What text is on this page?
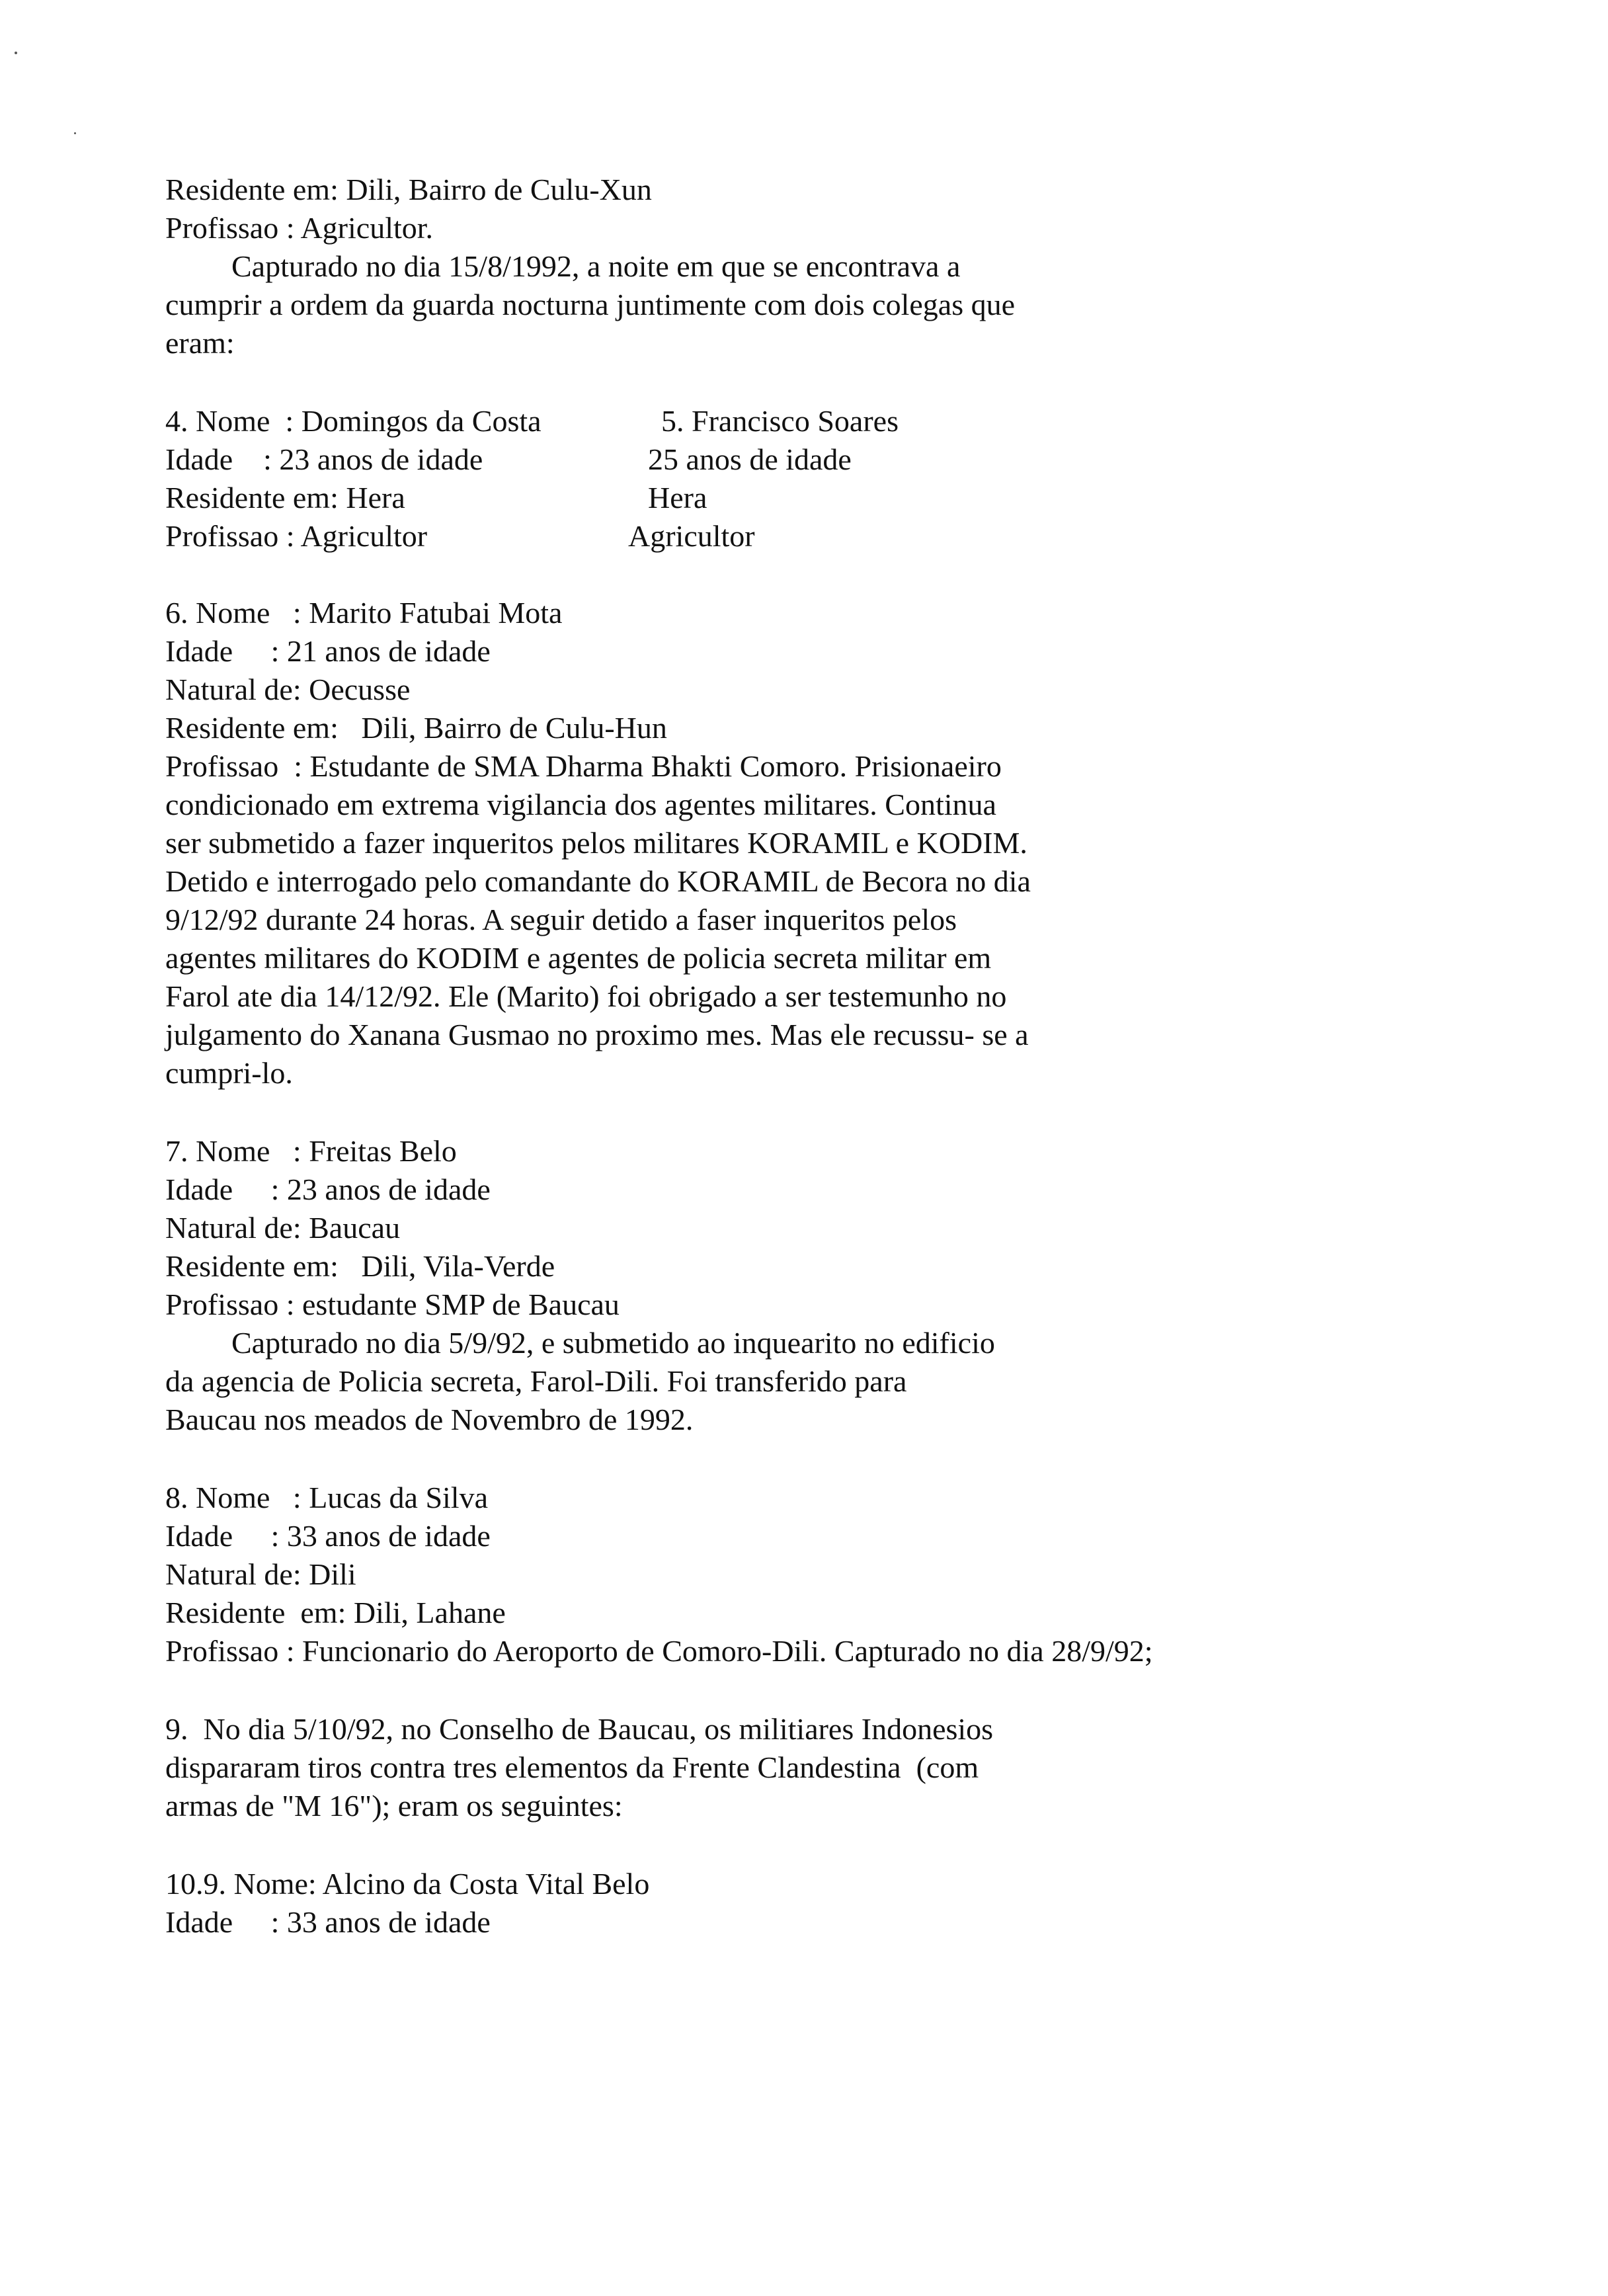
Residente em: Dili, Bairro de Culu-Xun
Profissao : Agricultor.
Capturado no dia 15/8/1992, a noite em que se encontrava a
cumprir a ordem da guarda nocturna juntimente com dois colegas que
eram:
4. Nome  : Domingos da Costa
Idade    : 23 anos de idade
Residente em: Hera
Profissao : Agricultor
5. Francisco Soares
25 anos de idade
Hera
Agricultor
6. Nome   : Marito Fatubai Mota
Idade     : 21 anos de idade
Natural de: Oecusse
Residente em:   Dili, Bairro de Culu-Hun
Profissao  : Estudante de SMA Dharma Bhakti Comoro. Prisionaeiro
condicionado em extrema vigilancia dos agentes militares. Continua
ser submetido a fazer inqueritos pelos militares KORAMIL e KODIM.
Detido e interrogado pelo comandante do KORAMIL de Becora no dia
9/12/92 durante 24 horas. A seguir detido a faser inqueritos pelos
agentes militares do KODIM e agentes de policia secreta militar em
Farol ate dia 14/12/92. Ele (Marito) foi obrigado a ser testemunho no
julgamento do Xanana Gusmao no proximo mes. Mas ele recussu- se a
cumpri-lo.
7. Nome   : Freitas Belo
Idade     : 23 anos de idade
Natural de: Baucau
Residente em:   Dili, Vila-Verde
Profissao : estudante SMP de Baucau
Capturado no dia 5/9/92, e submetido ao inquearito no edificio
da agencia de Policia secreta, Farol-Dili. Foi transferido para
Baucau nos meados de Novembro de 1992.
8. Nome   : Lucas da Silva
Idade     : 33 anos de idade
Natural de: Dili
Residente  em: Dili, Lahane
Profissao : Funcionario do Aeroporto de Comoro-Dili. Capturado no dia 28/9/92;
9.  No dia 5/10/92, no Conselho de Baucau, os militiares Indonesios
dispararam tiros contra tres elementos da Frente Clandestina  (com
armas de "M 16"); eram os seguintes:
10.9. Nome: Alcino da Costa Vital Belo
Idade     : 33 anos de idade
